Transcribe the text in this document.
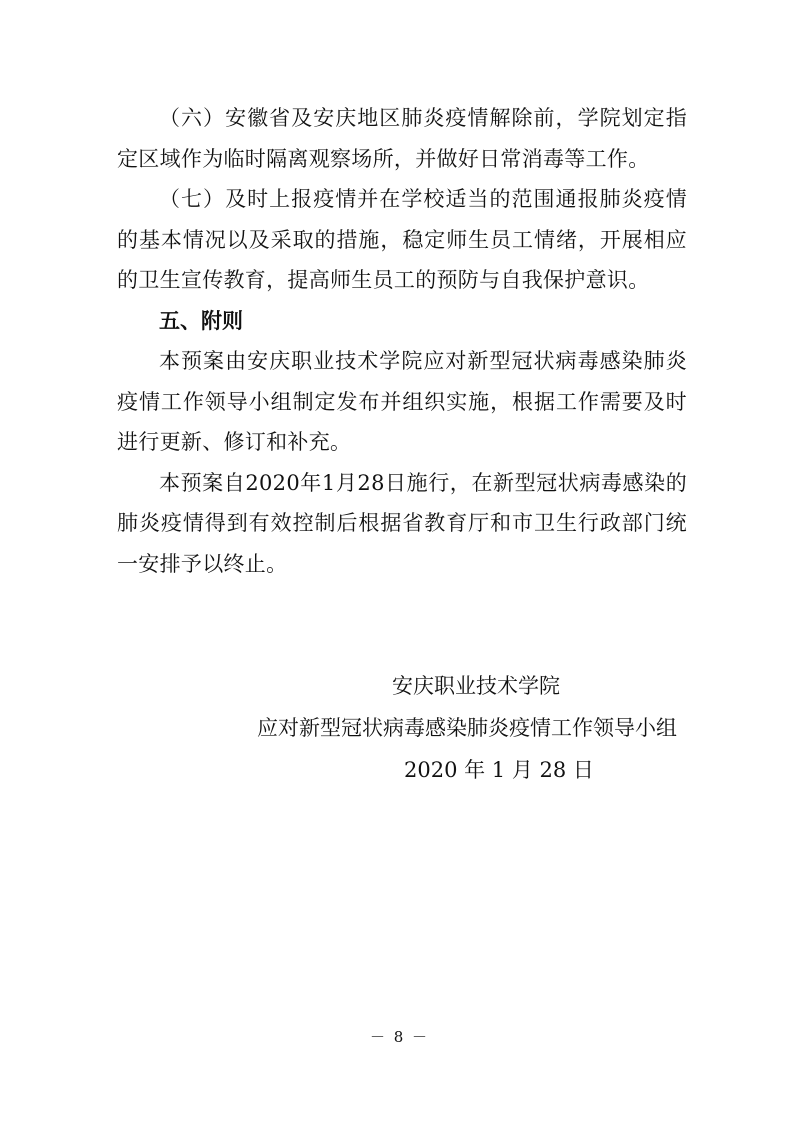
（六）安徽省及安庆地区肺炎疫情解除前，学院划定指定区域作为临时隔离观察场所，并做好日常消毒等工作。

（七）及时上报疫情并在学校适当的范围通报肺炎疫情的基本情况以及采取的措施，稳定师生员工情绪，开展相应的卫生宣传教育，提高师生员工的预防与自我保护意识。

五、附则

本预案由安庆职业技术学院应对新型冠状病毒感染肺炎疫情工作领导小组制定发布并组织实施，根据工作需要及时进行更新、修订和补充。

本预案自2020年1月28日施行，在新型冠状病毒感染的肺炎疫情得到有效控制后根据省教育厅和市卫生行政部门统一安排予以终止。

安庆职业技术学院
应对新型冠状病毒感染肺炎疫情工作领导小组
2020 年 1 月 28 日
－ 8 －
